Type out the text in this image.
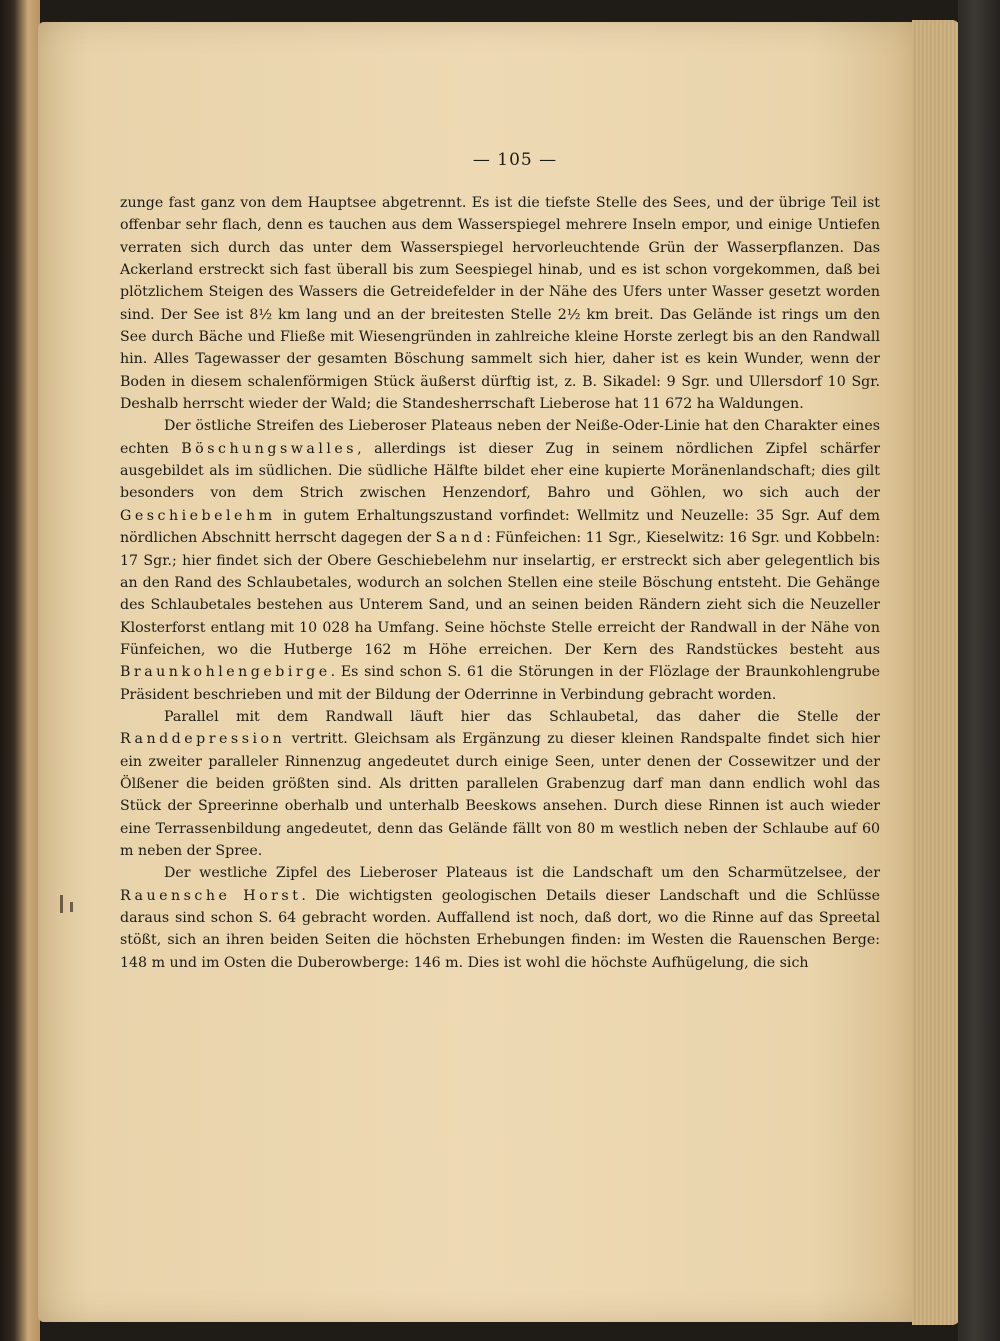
— 105 —

zunge fast ganz von dem Hauptsee abgetrennt. Es ist die tiefste Stelle des Sees, und der übrige Teil ist offenbar sehr flach, denn es tauchen aus dem Wasserspiegel mehrere Inseln empor, und einige Untiefen verraten sich durch das unter dem Wasserspiegel hervorleuchtende Grün der Wasserpflanzen. Das Ackerland erstreckt sich fast überall bis zum Seespiegel hinab, und es ist schon vorgekommen, daß bei plötzlichem Steigen des Wassers die Getreidefelder in der Nähe des Ufers unter Wasser gesetzt worden sind. Der See ist 8½ km lang und an der breitesten Stelle 2½ km breit. Das Gelände ist rings um den See durch Bäche und Fließe mit Wiesengründen in zahlreiche kleine Horste zerlegt bis an den Randwall hin. Alles Tagewasser der gesamten Böschung sammelt sich hier, daher ist es kein Wunder, wenn der Boden in diesem schalenförmigen Stück äußerst dürftig ist, z. B. Sikadel: 9 Sgr. und Ullersdorf 10 Sgr. Deshalb herrscht wieder der Wald; die Standesherrschaft Lieberose hat 11 672 ha Waldungen.

Der östliche Streifen des Lieberoser Plateaus neben der Neiße-Oder-Linie hat den Charakter eines echten Böschungswalles, allerdings ist dieser Zug in seinem nördlichen Zipfel schärfer ausgebildet als im südlichen. Die südliche Hälfte bildet eher eine kupierte Moränenlandschaft; dies gilt besonders von dem Strich zwischen Henzendorf, Bahro und Göhlen, wo sich auch der Geschiebelehm in gutem Erhaltungszustand vorfindet: Wellmitz und Neuzelle: 35 Sgr. Auf dem nördlichen Abschnitt herrscht dagegen der Sand: Fünfeichen: 11 Sgr., Kieselwitz: 16 Sgr. und Kobbeln: 17 Sgr.; hier findet sich der Obere Geschiebelehm nur inselartig, er erstreckt sich aber gelegentlich bis an den Rand des Schlaubetales, wodurch an solchen Stellen eine steile Böschung entsteht. Die Gehänge des Schlaubetales bestehen aus Unterem Sand, und an seinen beiden Rändern zieht sich die Neuzeller Klosterforst entlang mit 10 028 ha Umfang. Seine höchste Stelle erreicht der Randwall in der Nähe von Fünfeichen, wo die Hutberge 162 m Höhe erreichen. Der Kern des Randstückes besteht aus Braunkohlengebirge. Es sind schon S. 61 die Störungen in der Flözlage der Braunkohlengrube Präsident beschrieben und mit der Bildung der Oderrinne in Verbindung gebracht worden.

Parallel mit dem Randwall läuft hier das Schlaubetal, das daher die Stelle der Randdepression vertritt. Gleichsam als Ergänzung zu dieser kleinen Randspalte findet sich hier ein zweiter paralleler Rinnenzug angedeutet durch einige Seen, unter denen der Cossewitzer und der Ölßener die beiden größten sind. Als dritten parallelen Grabenzug darf man dann endlich wohl das Stück der Spreerinne oberhalb und unterhalb Beeskows ansehen. Durch diese Rinnen ist auch wieder eine Terrassenbildung angedeutet, denn das Gelände fällt von 80 m westlich neben der Schlaube auf 60 m neben der Spree.

Der westliche Zipfel des Lieberoser Plateaus ist die Landschaft um den Scharmützelsee, der Rauensche Horst. Die wichtigsten geologischen Details dieser Landschaft und die Schlüsse daraus sind schon S. 64 gebracht worden. Auffallend ist noch, daß dort, wo die Rinne auf das Spreetal stößt, sich an ihren beiden Seiten die höchsten Erhebungen finden: im Westen die Rauenschen Berge: 148 m und im Osten die Duberowberge: 146 m. Dies ist wohl die höchste Aufhügelung, die sich
